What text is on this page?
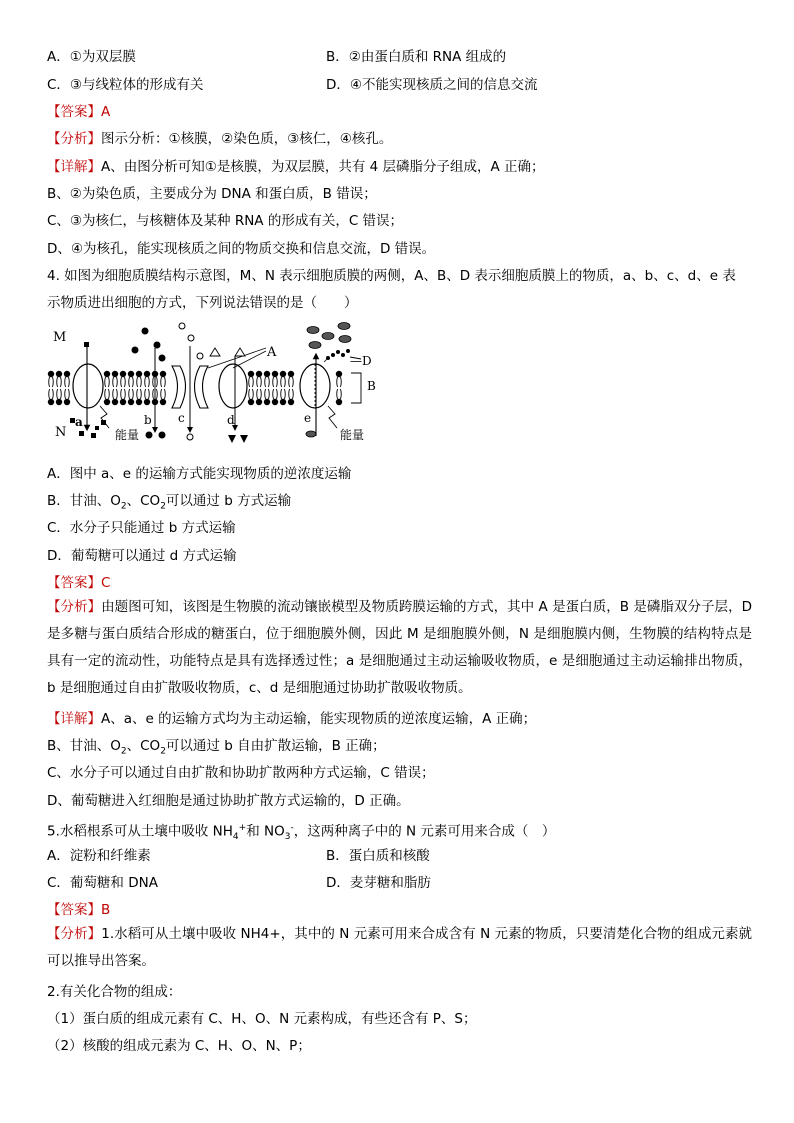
A．①为双层膜	B．②由蛋白质和 RNA 组成的
C．③与线粒体的形成有关	D．④不能实现核质之间的信息交流
【答案】A
【分析】图示分析：①核膜，②染色质，③核仁，④核孔。
【详解】A、由图分析可知①是核膜，为双层膜，共有 4 层磷脂分子组成，A 正确；
B、②为染色质，主要成分为 DNA 和蛋白质，B 错误；
C、③为核仁，与核糖体及某种 RNA 的形成有关，C 错误；
D、④为核孔，能实现核质之间的物质交换和信息交流，D 错误。
4. 如图为细胞质膜结构示意图，M、N 表示细胞质膜的两侧，A、B、D 表示细胞质膜上的物质，a、b、c、d、e 表
示物质进出细胞的方式，下列说法错误的是（　　）
M
N
A
—D
B
a
能量
b c	d	e
能量
A．图中 a、e 的运输方式能实现物质的逆浓度运输
B．甘油、$O_2$、$CO_2$可以通过 b 方式运输
C．水分子只能通过 b 方式运输
D．葡萄糖可以通过 d 方式运输
【答案】C
【分析】由题图可知，该图是生物膜的流动镶嵌模型及物质跨膜运输的方式，其中 A 是蛋白质，B 是磷脂双分子层，D 是多糖与蛋白质结合形成的糖蛋白，位于细胞膜外侧，因此 M 是细胞膜外侧，N 是细胞膜内侧，生物膜的结构特点是具有一定的流动性，功能特点是具有选择透过性；a 是细胞通过主动运输吸收物质，e 是细胞通过主动运输排出物质，b 是细胞通过自由扩散吸收物质，c、d 是细胞通过协助扩散吸收物质。
【详解】A、a、e 的运输方式均为主动运输，能实现物质的逆浓度运输，A 正确；
B、甘油、$O_2$、$CO_2$可以通过 b 自由扩散运输，B 正确；
C、水分子可以通过自由扩散和协助扩散两种方式运输，C 错误；
D、葡萄糖进入红细胞是通过协助扩散方式运输的，D 正确。
5.水稻根系可从土壤中吸收 $NH_4^+$和 $NO_3^-$，这两种离子中的 N 元素可用来合成（　）
A．淀粉和纤维素	B．蛋白质和核酸
C．葡萄糖和 DNA	D．麦芽糖和脂肪
【答案】B
【分析】1.水稻可从土壤中吸收 NH4+，其中的 N 元素可用来合成含有 N 元素的物质，只要清楚化合物的组成元素就可以推导出答案。
2.有关化合物的组成：
（1）蛋白质的组成元素有 C、H、O、N 元素构成，有些还含有 P、S；
（2）核酸的组成元素为 C、H、O、N、P；
